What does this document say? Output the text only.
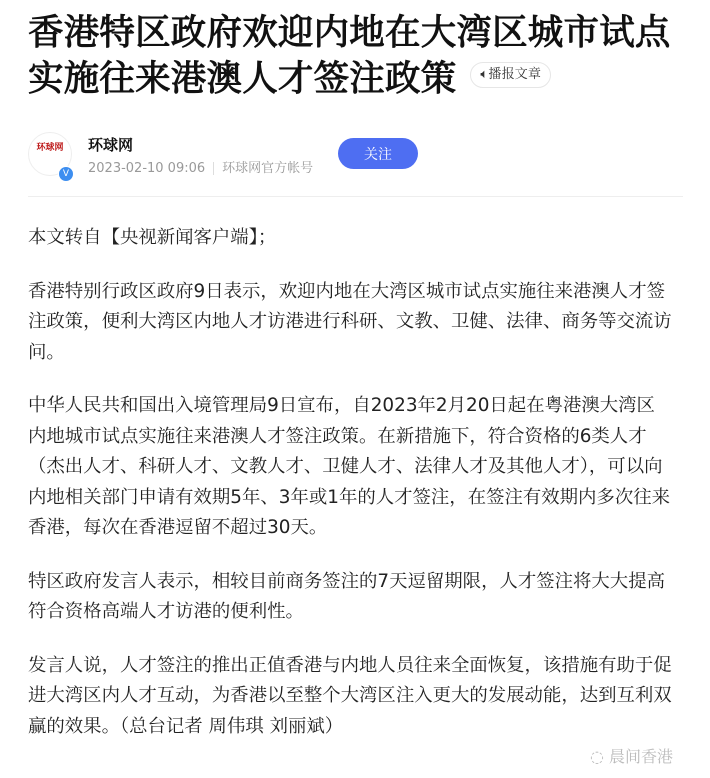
香港特区政府欢迎内地在大湾区城市试点实施往来港澳人才签注政策 🔈︎播报文章
环球网
V
环球网
2023-02-10 09:06 环球网官方帐号
关注

本文转自【央视新闻客户端】；

香港特别行政区政府9日表示，欢迎内地在大湾区城市试点实施往来港澳人才签注政策，便利大湾区内地人才访港进行科研、文教、卫健、法律、商务等交流访问。

中华人民共和国出入境管理局9日宣布，自2023年2月20日起在粤港澳大湾区内地城市试点实施往来港澳人才签注政策。在新措施下，符合资格的6类人才（杰出人才、科研人才、文教人才、卫健人才、法律人才及其他人才），可以向内地相关部门申请有效期5年、3年或1年的人才签注，在签注有效期内多次往来香港，每次在香港逗留不超过30天。

特区政府发言人表示，相较目前商务签注的7天逗留期限，人才签注将大大提高符合资格高端人才访港的便利性。

发言人说，人才签注的推出正值香港与内地人员往来全面恢复，该措施有助于促进大湾区内人才互动，为香港以至整个大湾区注入更大的发展动能，达到互利双赢的效果。（总台记者 周伟琪 刘丽斌）

◌ 晨间香港
